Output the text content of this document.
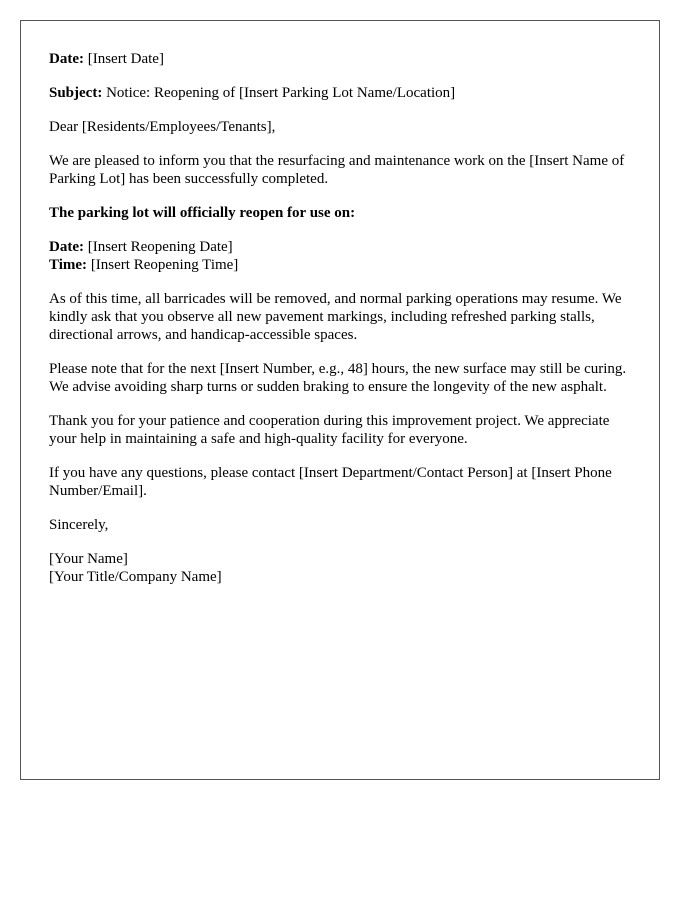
Date: [Insert Date]

Subject: Notice: Reopening of [Insert Parking Lot Name/Location]

Dear [Residents/Employees/Tenants],

We are pleased to inform you that the resurfacing and maintenance work on the [Insert Name of Parking Lot] has been successfully completed.

The parking lot will officially reopen for use on:

Date: [Insert Reopening Date]

Time: [Insert Reopening Time]

As of this time, all barricades will be removed, and normal parking operations may resume. We kindly ask that you observe all new pavement markings, including refreshed parking stalls, directional arrows, and handicap-accessible spaces.

Please note that for the next [Insert Number, e.g., 48] hours, the new surface may still be curing. We advise avoiding sharp turns or sudden braking to ensure the longevity of the new asphalt.

Thank you for your patience and cooperation during this improvement project. We appreciate your help in maintaining a safe and high-quality facility for everyone.

If you have any questions, please contact [Insert Department/Contact Person] at [Insert Phone Number/Email].

Sincerely,

[Your Name]

[Your Title/Company Name]
